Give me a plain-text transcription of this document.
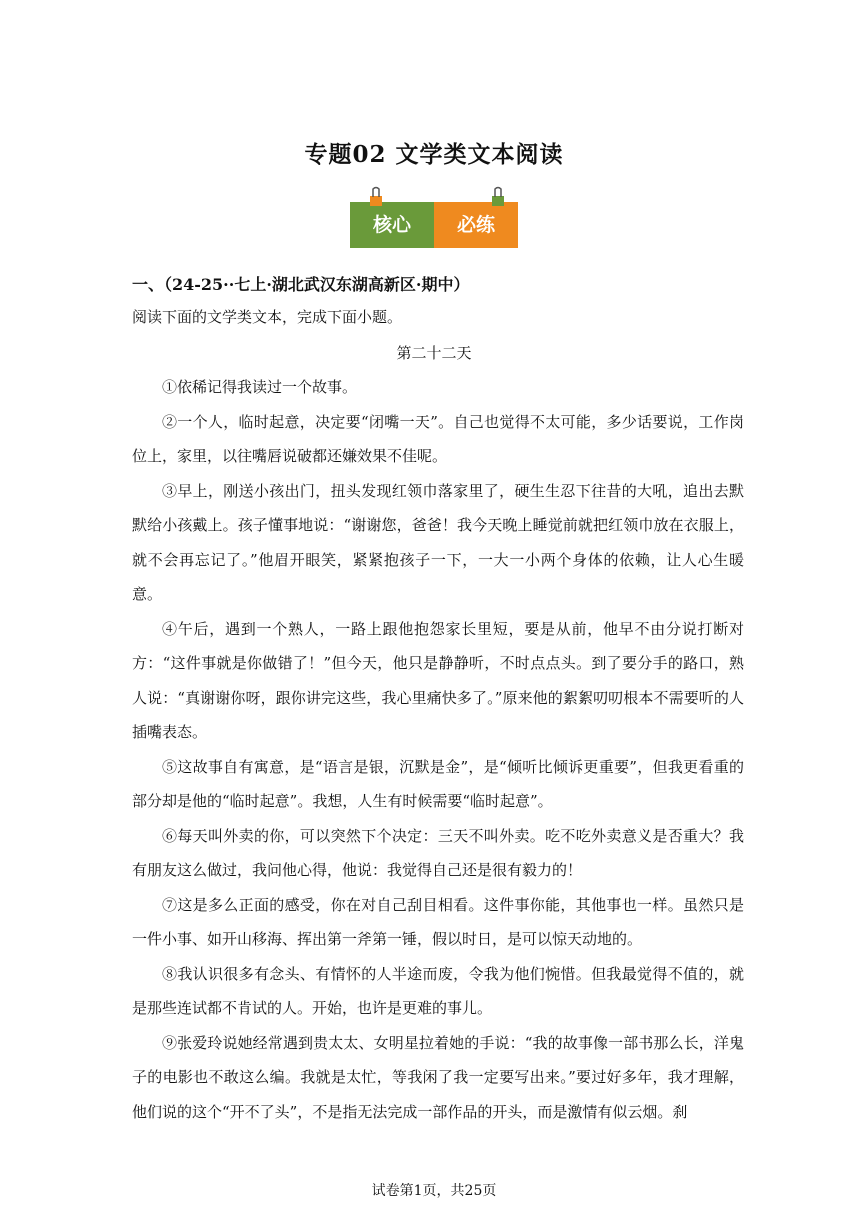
专题02 文学类文本阅读
核心	必练
一、（24-25··七上·湖北武汉东湖高新区·期中）
阅读下面的文学类文本，完成下面小题。
第二十二天

①依稀记得我读过一个故事。

②一个人，临时起意，决定要“闭嘴一天”。自己也觉得不太可能，多少话要说，工作岗位上，家里，以往嘴唇说破都还嫌效果不佳呢。

③早上，刚送小孩出门，扭头发现红领巾落家里了，硬生生忍下往昔的大吼，追出去默默给小孩戴上。孩子懂事地说：“谢谢您，爸爸！我今天晚上睡觉前就把红领巾放在衣服上，就不会再忘记了。”他眉开眼笑，紧紧抱孩子一下，一大一小两个身体的依赖，让人心生暖意。

④午后，遇到一个熟人，一路上跟他抱怨家长里短，要是从前，他早不由分说打断对方：“这件事就是你做错了！”但今天，他只是静静听，不时点点头。到了要分手的路口，熟人说：“真谢谢你呀，跟你讲完这些，我心里痛快多了。”原来他的絮絮叨叨根本不需要听的人插嘴表态。

⑤这故事自有寓意，是“语言是银，沉默是金”，是“倾听比倾诉更重要”，但我更看重的部分却是他的“临时起意”。我想，人生有时候需要“临时起意”。

⑥每天叫外卖的你，可以突然下个决定：三天不叫外卖。吃不吃外卖意义是否重大？我有朋友这么做过，我问他心得，他说：我觉得自己还是很有毅力的！

⑦这是多么正面的感受，你在对自己刮目相看。这件事你能，其他事也一样。虽然只是一件小事、如开山移海、挥出第一斧第一锤，假以时日，是可以惊天动地的。

⑧我认识很多有念头、有情怀的人半途而废，令我为他们惋惜。但我最觉得不值的，就是那些连试都不肯试的人。开始，也许是更难的事儿。

⑨张爱玲说她经常遇到贵太太、女明星拉着她的手说：“我的故事像一部书那么长，洋鬼子的电影也不敢这么编。我就是太忙，等我闲了我一定要写出来。”要过好多年，我才理解，他们说的这个“开不了头”，不是指无法完成一部作品的开头，而是激情有似云烟。刹

试卷第1页，共25页
